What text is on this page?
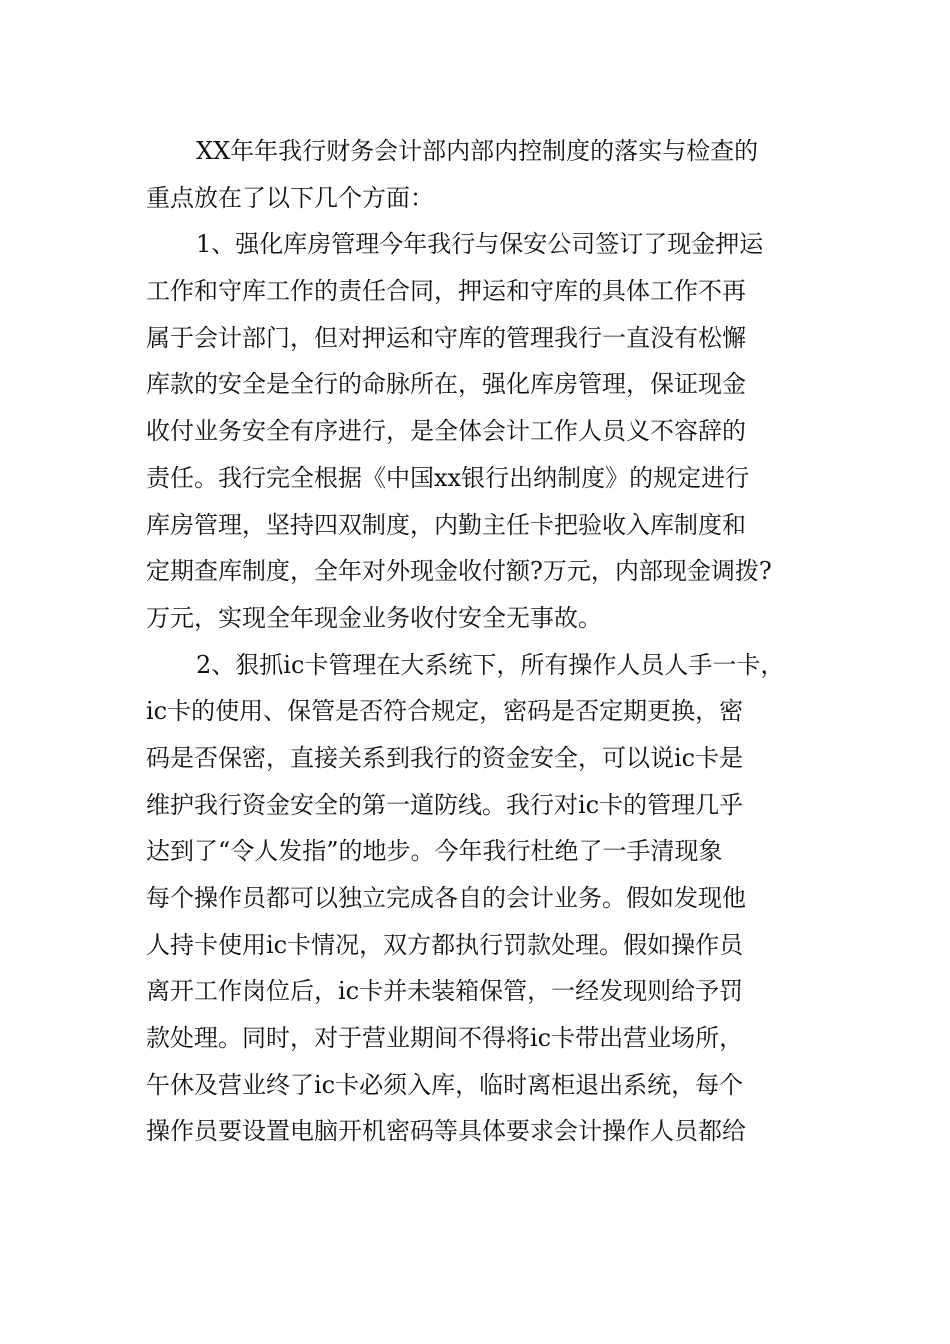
XX年年我行财务会计部内部内控制度的落实与检查的
重点放在了以下几个方面：
1、强化库房管理今年我行与保安公司签订了现金押运
工作和守库工作的责任合同，押运和守库的具体工作不再
属于会计部门，但对押运和守库的管理我行一直没有松懈
库款的安全是全行的命脉所在，强化库房管理，保证现金
收付业务安全有序进行，是全体会计工作人员义不容辞的
责任。我行完全根据《中国xx银行出纳制度》的规定进行
库房管理，坚持四双制度，内勤主任卡把验收入库制度和
定期查库制度，全年对外现金收付额?万元，内部现金调拨?
万元，实现全年现金业务收付安全无事故。
2、狠抓ic卡管理在大系统下，所有操作人员人手一卡，
ic卡的使用、保管是否符合规定，密码是否定期更换，密
码是否保密，直接关系到我行的资金安全，可以说ic卡是
维护我行资金安全的第一道防线。我行对ic卡的管理几乎
达到了“令人发指”的地步。今年我行杜绝了一手清现象
每个操作员都可以独立完成各自的会计业务。假如发现他
人持卡使用ic卡情况，双方都执行罚款处理。假如操作员
离开工作岗位后，ic卡并未装箱保管，一经发现则给予罚
款处理。同时，对于营业期间不得将ic卡带出营业场所，
午休及营业终了ic卡必须入库，临时离柜退出系统，每个
操作员要设置电脑开机密码等具体要求会计操作人员都给
